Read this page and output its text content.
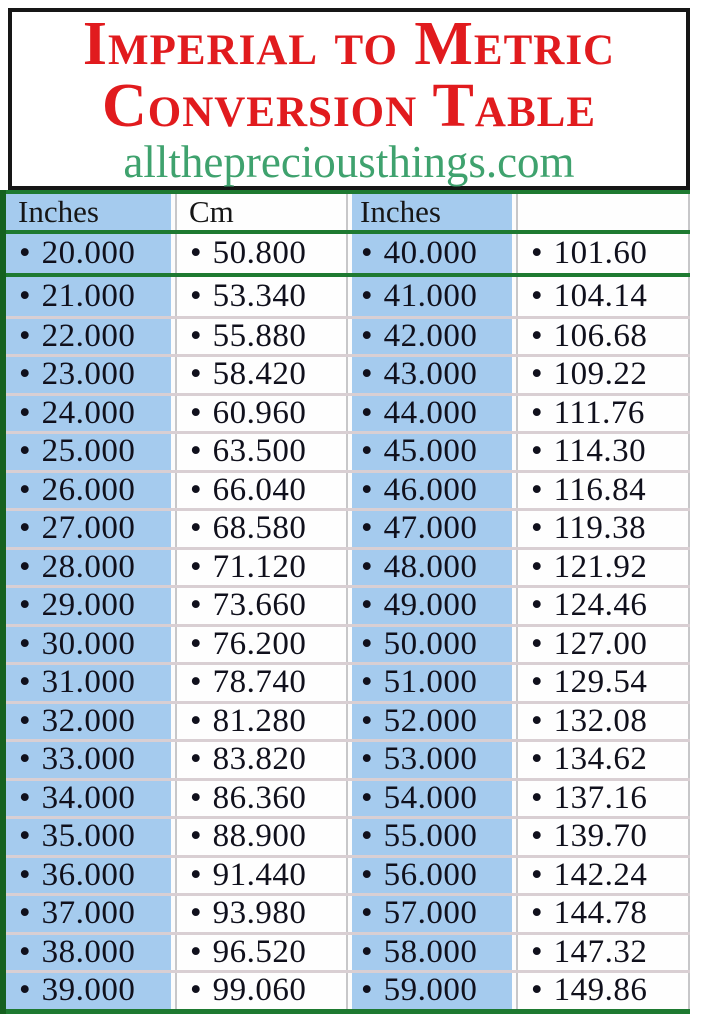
Imperial to Metric
Conversion Table
allthepreciousthings.com
Inches	Cm	Inches
• 20.000 • 50.800 • 40.000 • 101.60
• 21.000 • 53.340 • 41.000 • 104.14
• 22.000 • 55.880 • 42.000 • 106.68
• 23.000 • 58.420 • 43.000 • 109.22
• 24.000 • 60.960 • 44.000 • 111.76
• 25.000 • 63.500 • 45.000 • 114.30
• 26.000 • 66.040 • 46.000 • 116.84
• 27.000 • 68.580 • 47.000 • 119.38
• 28.000 • 71.120 • 48.000 • 121.92
• 29.000 • 73.660 • 49.000 • 124.46
• 30.000 • 76.200 • 50.000 • 127.00
• 31.000 • 78.740 • 51.000 • 129.54
• 32.000 • 81.280 • 52.000 • 132.08
• 33.000 • 83.820 • 53.000 • 134.62
• 34.000 • 86.360 • 54.000 • 137.16
• 35.000 • 88.900 • 55.000 • 139.70
• 36.000 • 91.440 • 56.000 • 142.24
• 37.000 • 93.980 • 57.000 • 144.78
• 38.000 • 96.520 • 58.000 • 147.32
• 39.000 • 99.060 • 59.000 • 149.86
